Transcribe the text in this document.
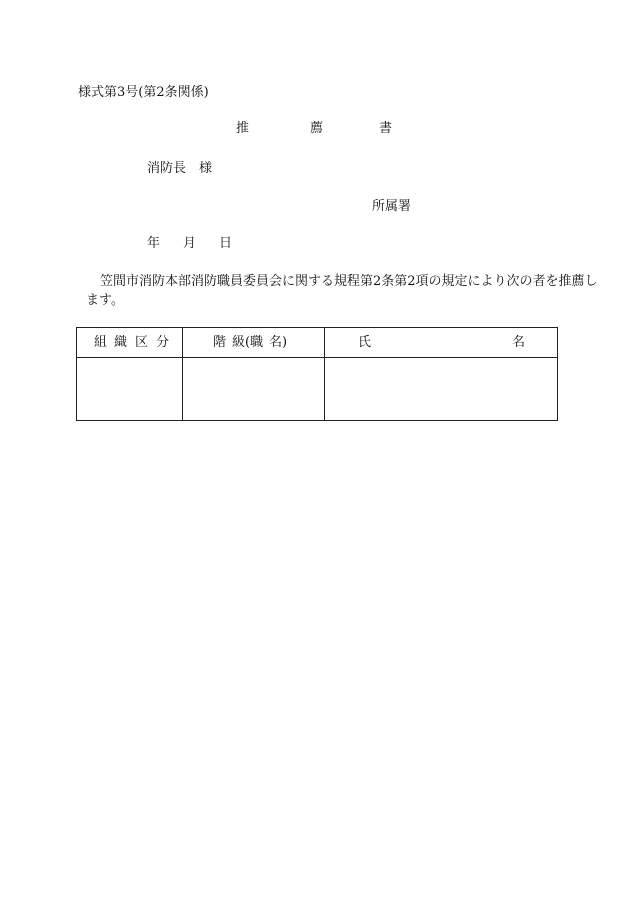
様式第3号(第2条関係)
推	薦	書
消防長 様
所属署
年 月 日
笠間市消防本部消防職員委員会に関する規程第2条第2項の規定により次の者を推薦し
ます。
組 織 区 分	階 級(職 名)	氏 名
